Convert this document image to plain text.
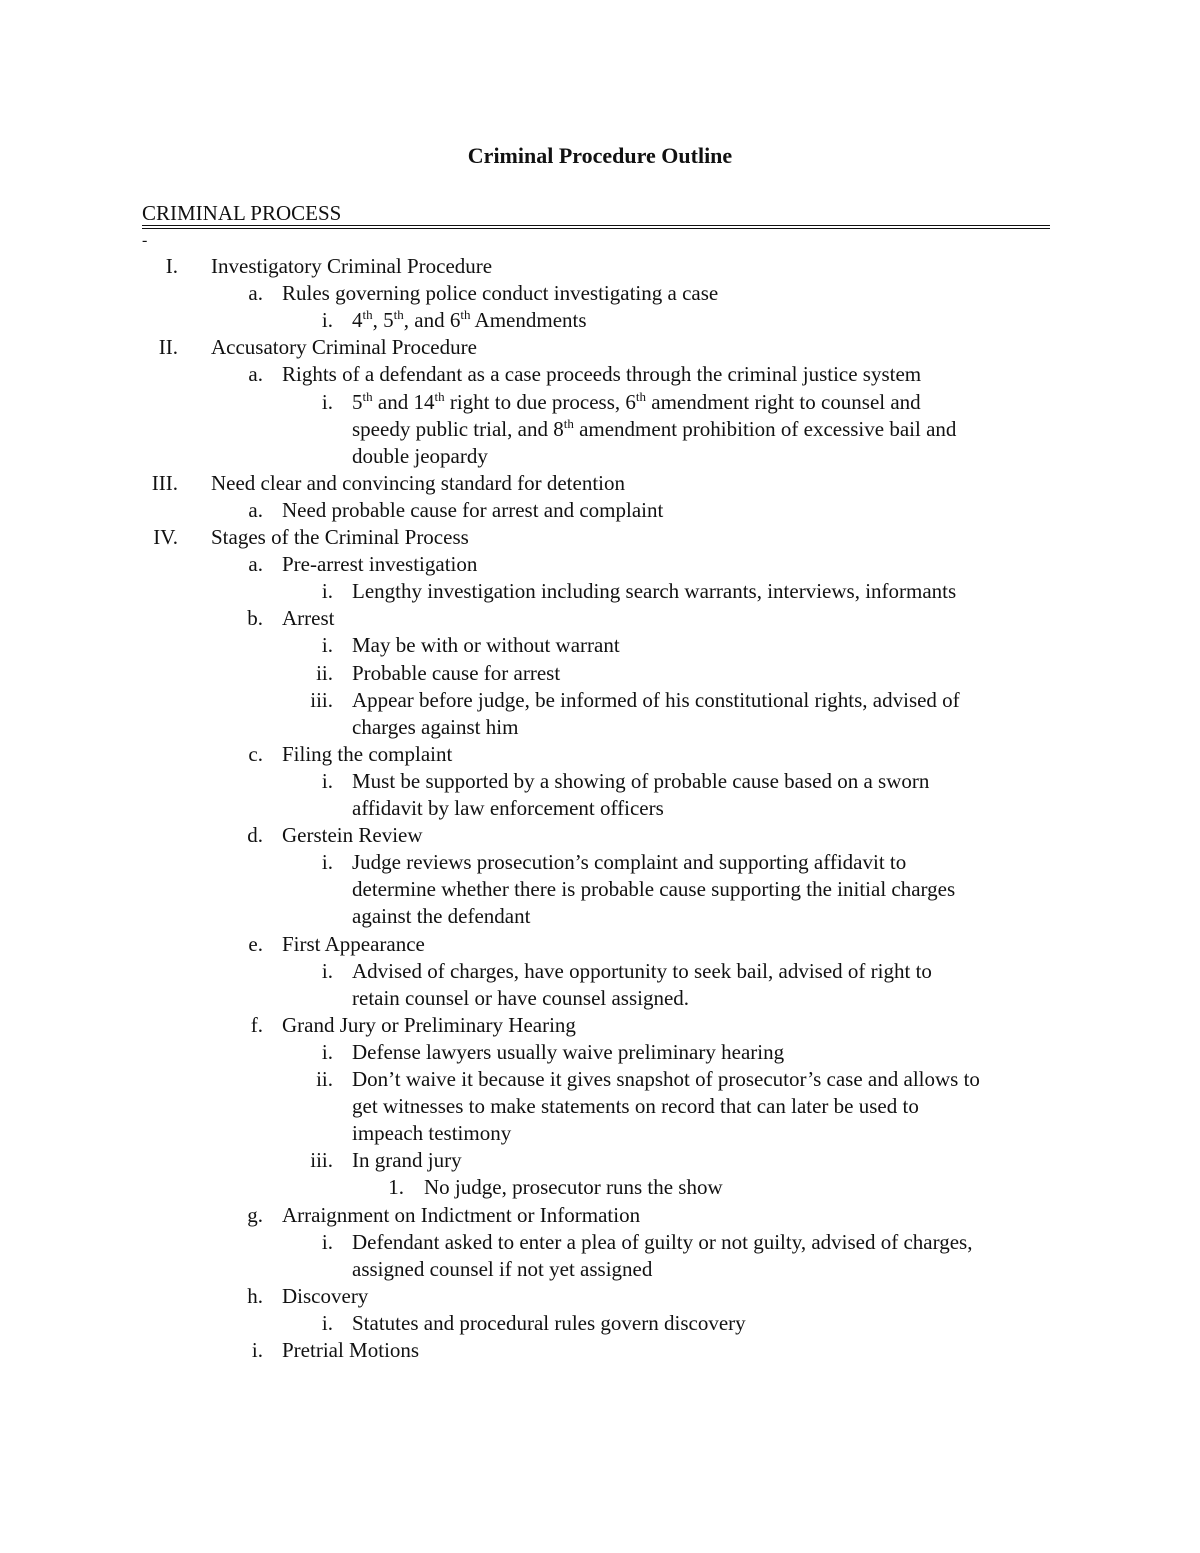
Criminal Procedure Outline
CRIMINAL PROCESS
-
I. Investigatory Criminal Procedure
a. Rules governing police conduct investigating a case
i. 4th, 5th, and 6th Amendments
II. Accusatory Criminal Procedure
a. Rights of a defendant as a case proceeds through the criminal justice system
i. 5th and 14th right to due process, 6th amendment right to counsel and
speedy public trial, and 8th amendment prohibition of excessive bail and
double jeopardy
III. Need clear and convincing standard for detention
a. Need probable cause for arrest and complaint
IV. Stages of the Criminal Process
a. Pre-arrest investigation
i. Lengthy investigation including search warrants, interviews, informants
b. Arrest
i. May be with or without warrant
ii. Probable cause for arrest
iii. Appear before judge, be informed of his constitutional rights, advised of
charges against him
c. Filing the complaint
i. Must be supported by a showing of probable cause based on a sworn
affidavit by law enforcement officers
d. Gerstein Review
i. Judge reviews prosecution’s complaint and supporting affidavit to
determine whether there is probable cause supporting the initial charges
against the defendant
e. First Appearance
i. Advised of charges, have opportunity to seek bail, advised of right to
retain counsel or have counsel assigned.
f. Grand Jury or Preliminary Hearing
i. Defense lawyers usually waive preliminary hearing
ii. Don’t waive it because it gives snapshot of prosecutor’s case and allows to
get witnesses to make statements on record that can later be used to
impeach testimony
iii. In grand jury
1. No judge, prosecutor runs the show
g. Arraignment on Indictment or Information
i. Defendant asked to enter a plea of guilty or not guilty, advised of charges,
assigned counsel if not yet assigned
h. Discovery
i. Statutes and procedural rules govern discovery
i. Pretrial Motions
